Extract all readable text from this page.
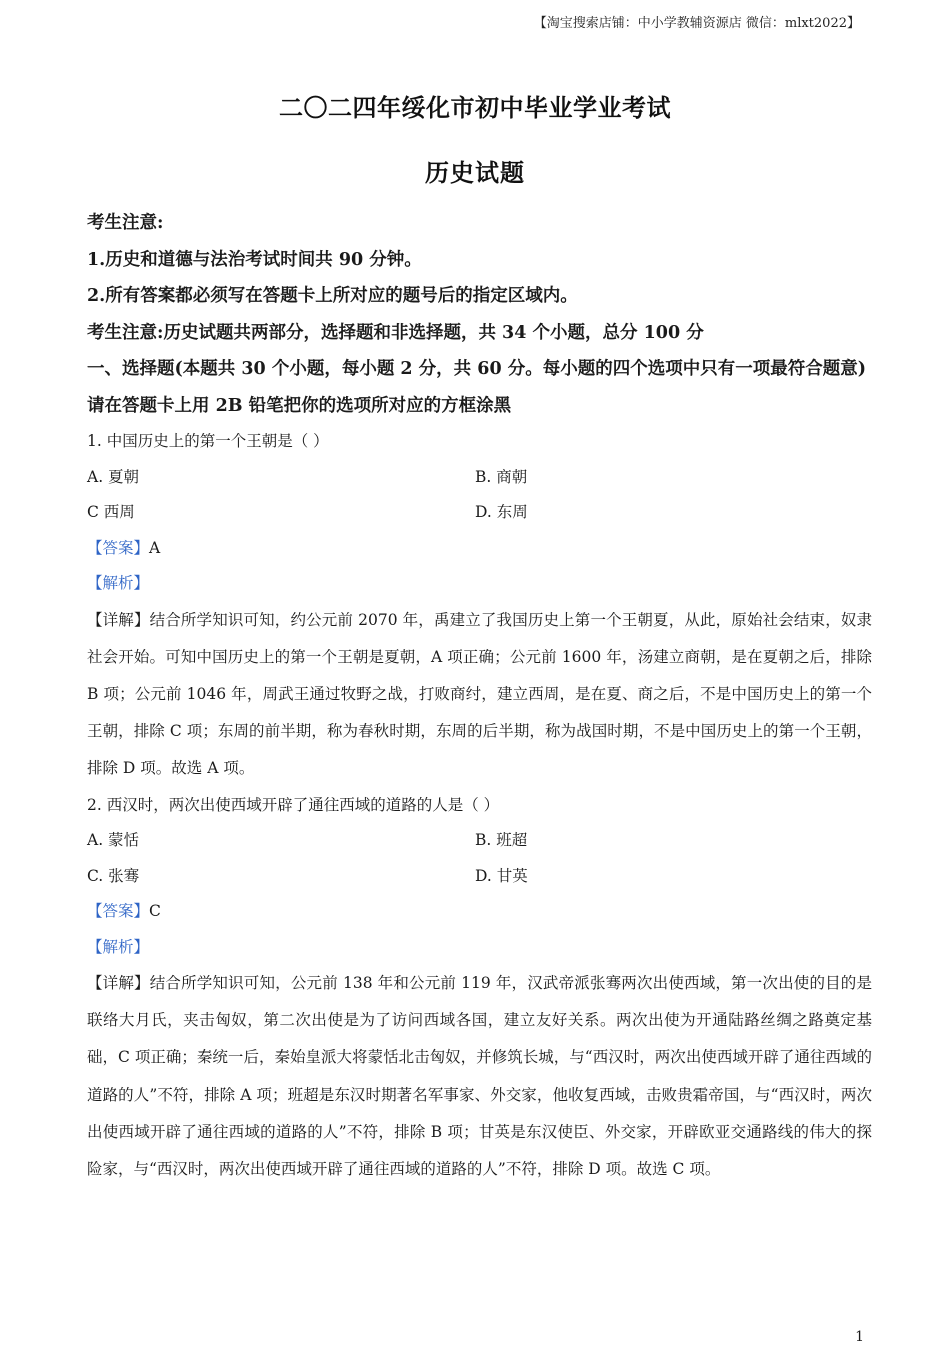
【淘宝搜索店铺：中小学教辅资源店 微信：mlxt2022】
二〇二四年绥化市初中毕业学业考试
历史试题
考生注意:
1.历史和道德与法治考试时间共 90 分钟。
2.所有答案都必须写在答题卡上所对应的题号后的指定区域内。
考生注意:历史试题共两部分，选择题和非选择题，共 34 个小题，总分 100 分
一、选择题(本题共 30 个小题，每小题 2 分，共 60 分。每小题的四个选项中只有一项最符合题意)请在答题卡上用 2B 铅笔把你的选项所对应的方框涂黑
1. 中国历史上的第一个王朝是（ ）
A. 夏朝	B. 商朝
C 西周	D. 东周
【答案】A
【解析】
【详解】结合所学知识可知，约公元前 2070 年，禹建立了我国历史上第一个王朝夏，从此，原始社会结束，奴隶社会开始。可知中国历史上的第一个王朝是夏朝，A 项正确；公元前 1600 年，汤建立商朝，是在夏朝之后，排除 B 项；公元前 1046 年，周武王通过牧野之战，打败商纣，建立西周，是在夏、商之后，不是中国历史上的第一个王朝，排除 C 项；东周的前半期，称为春秋时期，东周的后半期，称为战国时期，不是中国历史上的第一个王朝，排除 D 项。故选 A 项。
2. 西汉时，两次出使西域开辟了通往西域的道路的人是（ ）
A. 蒙恬	B. 班超
C. 张骞	D. 甘英
【答案】C
【解析】
【详解】结合所学知识可知，公元前 138 年和公元前 119 年，汉武帝派张骞两次出使西域，第一次出使的目的是联络大月氏，夹击匈奴，第二次出使是为了访问西域各国，建立友好关系。两次出使为开通陆路丝绸之路奠定基础，C 项正确；秦统一后，秦始皇派大将蒙恬北击匈奴，并修筑长城，与“西汉时，两次出使西域开辟了通往西域的道路的人”不符，排除 A 项；班超是东汉时期著名军事家、外交家，他收复西域，击败贵霜帝国，与“西汉时，两次出使西域开辟了通往西域的道路的人”不符，排除 B 项；甘英是东汉使臣、外交家，开辟欧亚交通路线的伟大的探险家，与“西汉时，两次出使西域开辟了通往西域的道路的人”不符，排除 D 项。故选 C 项。
1
